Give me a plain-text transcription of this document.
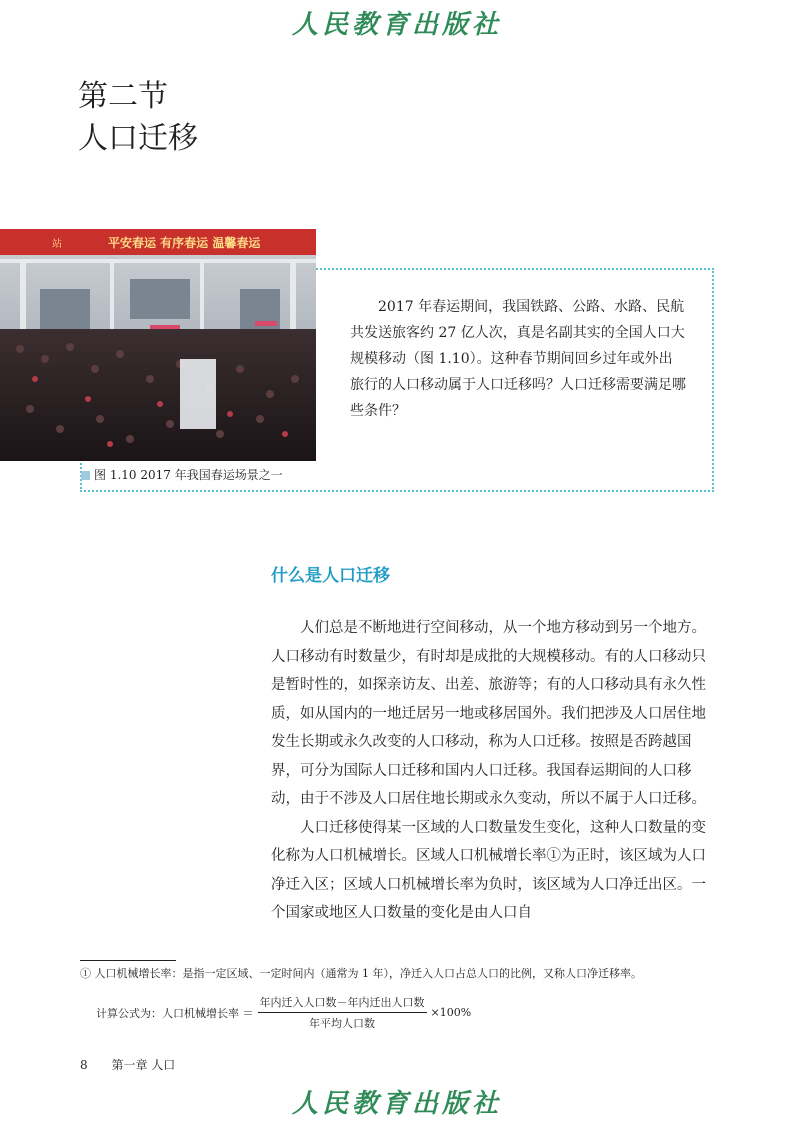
人民教育出版社
第二节
人口迁移
平安春运 有序春运 温馨春运
站

2017 年春运期间，我国铁路、公路、水路、民航共发送旅客约 27 亿人次，真是名副其实的全国人口大规模移动（图 1.10）。这种春节期间回乡过年或外出旅行的人口移动属于人口迁移吗？人口迁移需要满足哪些条件？

图 1.10 2017 年我国春运场景之一
什么是人口迁移

人们总是不断地进行空间移动，从一个地方移动到另一个地方。人口移动有时数量少，有时却是成批的大规模移动。有的人口移动只是暂时性的，如探亲访友、出差、旅游等；有的人口移动具有永久性质，如从国内的一地迁居另一地或移居国外。我们把涉及人口居住地发生长期或永久改变的人口移动，称为人口迁移。按照是否跨越国界，可分为国际人口迁移和国内人口迁移。我国春运期间的人口移动，由于不涉及人口居住地长期或永久变动，所以不属于人口迁移。

人口迁移使得某一区域的人口数量发生变化，这种人口数量的变化称为人口机械增长。区域人口机械增长率①为正时，该区域为人口净迁入区；区域人口机械增长率为负时，该区域为人口净迁出区。一个国家或地区人口数量的变化是由人口自

① 人口机械增长率：是指一定区域、一定时间内（通常为 1 年），净迁入人口占总人口的比例，又称人口净迁移率。
计算公式为：人口机械增长率 ＝ $\frac{\text{年内迁入人口数－年内迁出人口数}}{\text{年平均人口数}} \times 100\%$
8 第一章 人口
人民教育出版社
